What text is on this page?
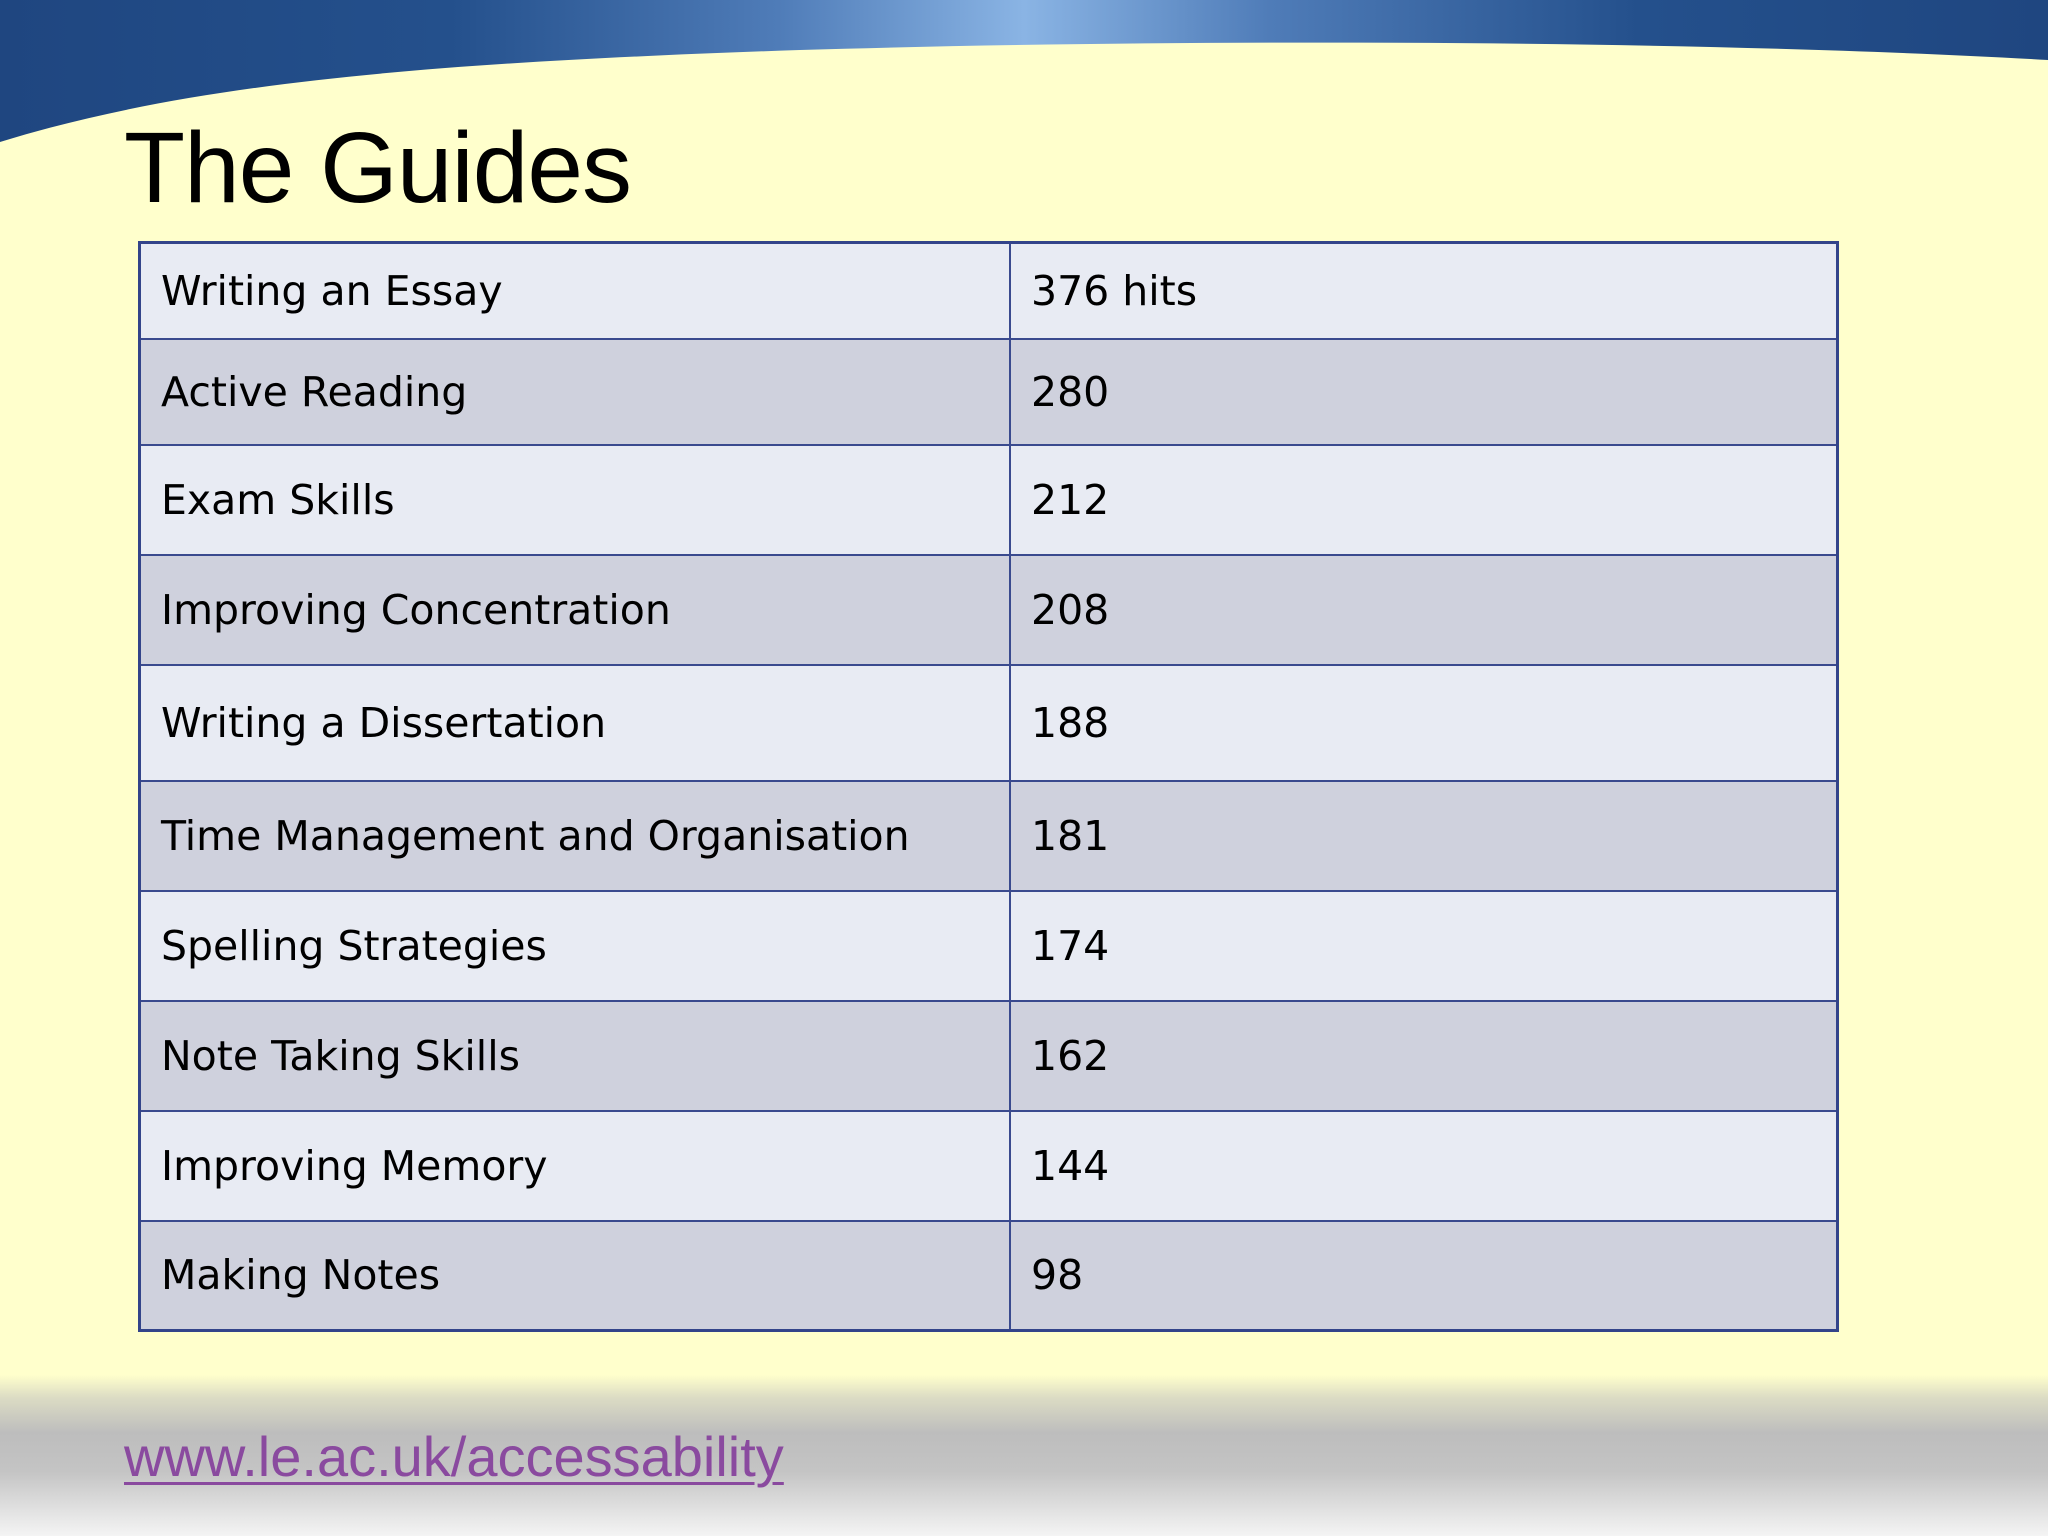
The Guides
Writing an Essay	376 hits
Active Reading	280
Exam Skills	212
Improving Concentration	208
Writing a Dissertation	188
Time Management and Organisation	181
Spelling Strategies	174
Note Taking Skills	162
Improving Memory	144
Making Notes	98
www.le.ac.uk/accessability
